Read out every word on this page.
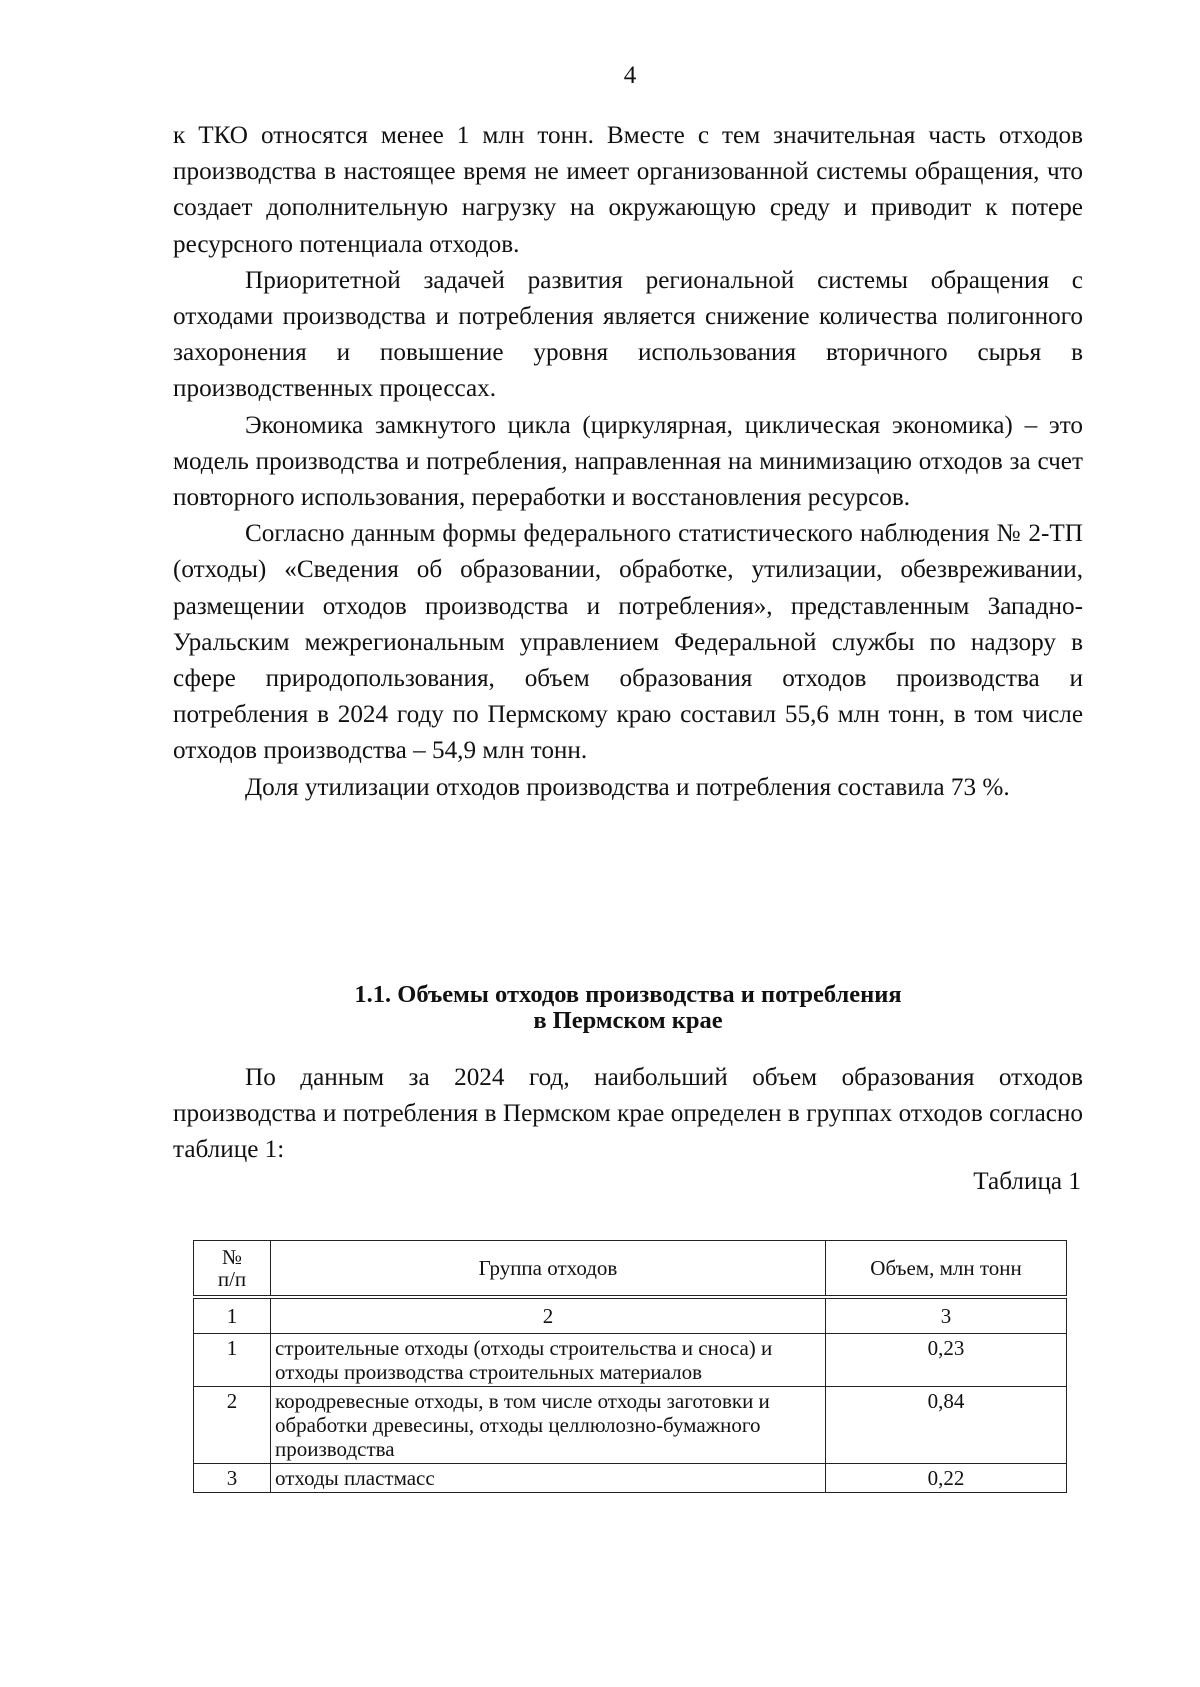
4

к ТКО относятся менее 1 млн тонн. Вместе с тем значительная часть отходов производства в настоящее время не имеет организованной системы обращения, что создает дополнительную нагрузку на окружающую среду и приводит к потере ресурсного потенциала отходов.

Приоритетной задачей развития региональной системы обращения с отходами производства и потребления является снижение количества полигонного захоронения и повышение уровня использования вторичного сырья в производственных процессах.

Экономика замкнутого цикла (циркулярная, циклическая экономика) – это модель производства и потребления, направленная на минимизацию отходов за счет повторного использования, переработки и восстановления ресурсов.

Согласно данным формы федерального статистического наблюдения № 2-ТП (отходы) «Сведения об образовании, обработке, утилизации, обезвреживании, размещении отходов производства и потребления», представленным Западно-Уральским межрегиональным управлением Федеральной службы по надзору в сфере природопользования, объем образования отходов производства и потребления в 2024 году по Пермскому краю составил 55,6 млн тонн, в том числе отходов производства – 54,9 млн тонн.

Доля утилизации отходов производства и потребления составила 73 %.

1.1. Объемы отходов производства и потребления
в Пермском крае

По данным за 2024 год, наибольший объем образования отходов производства и потребления в Пермском крае определен в группах отходов согласно таблице 1:

Таблица 1
№
п/п	Группа отходов	Объем, млн тонн
1	2	3
1	строительные отходы (отходы строительства и сноса) и отходы производства строительных материалов	0,23
2	кородревесные отходы, в том числе отходы заготовки и обработки древесины, отходы целлюлозно-бумажного производства	0,84
3	отходы пластмасс	0,22
